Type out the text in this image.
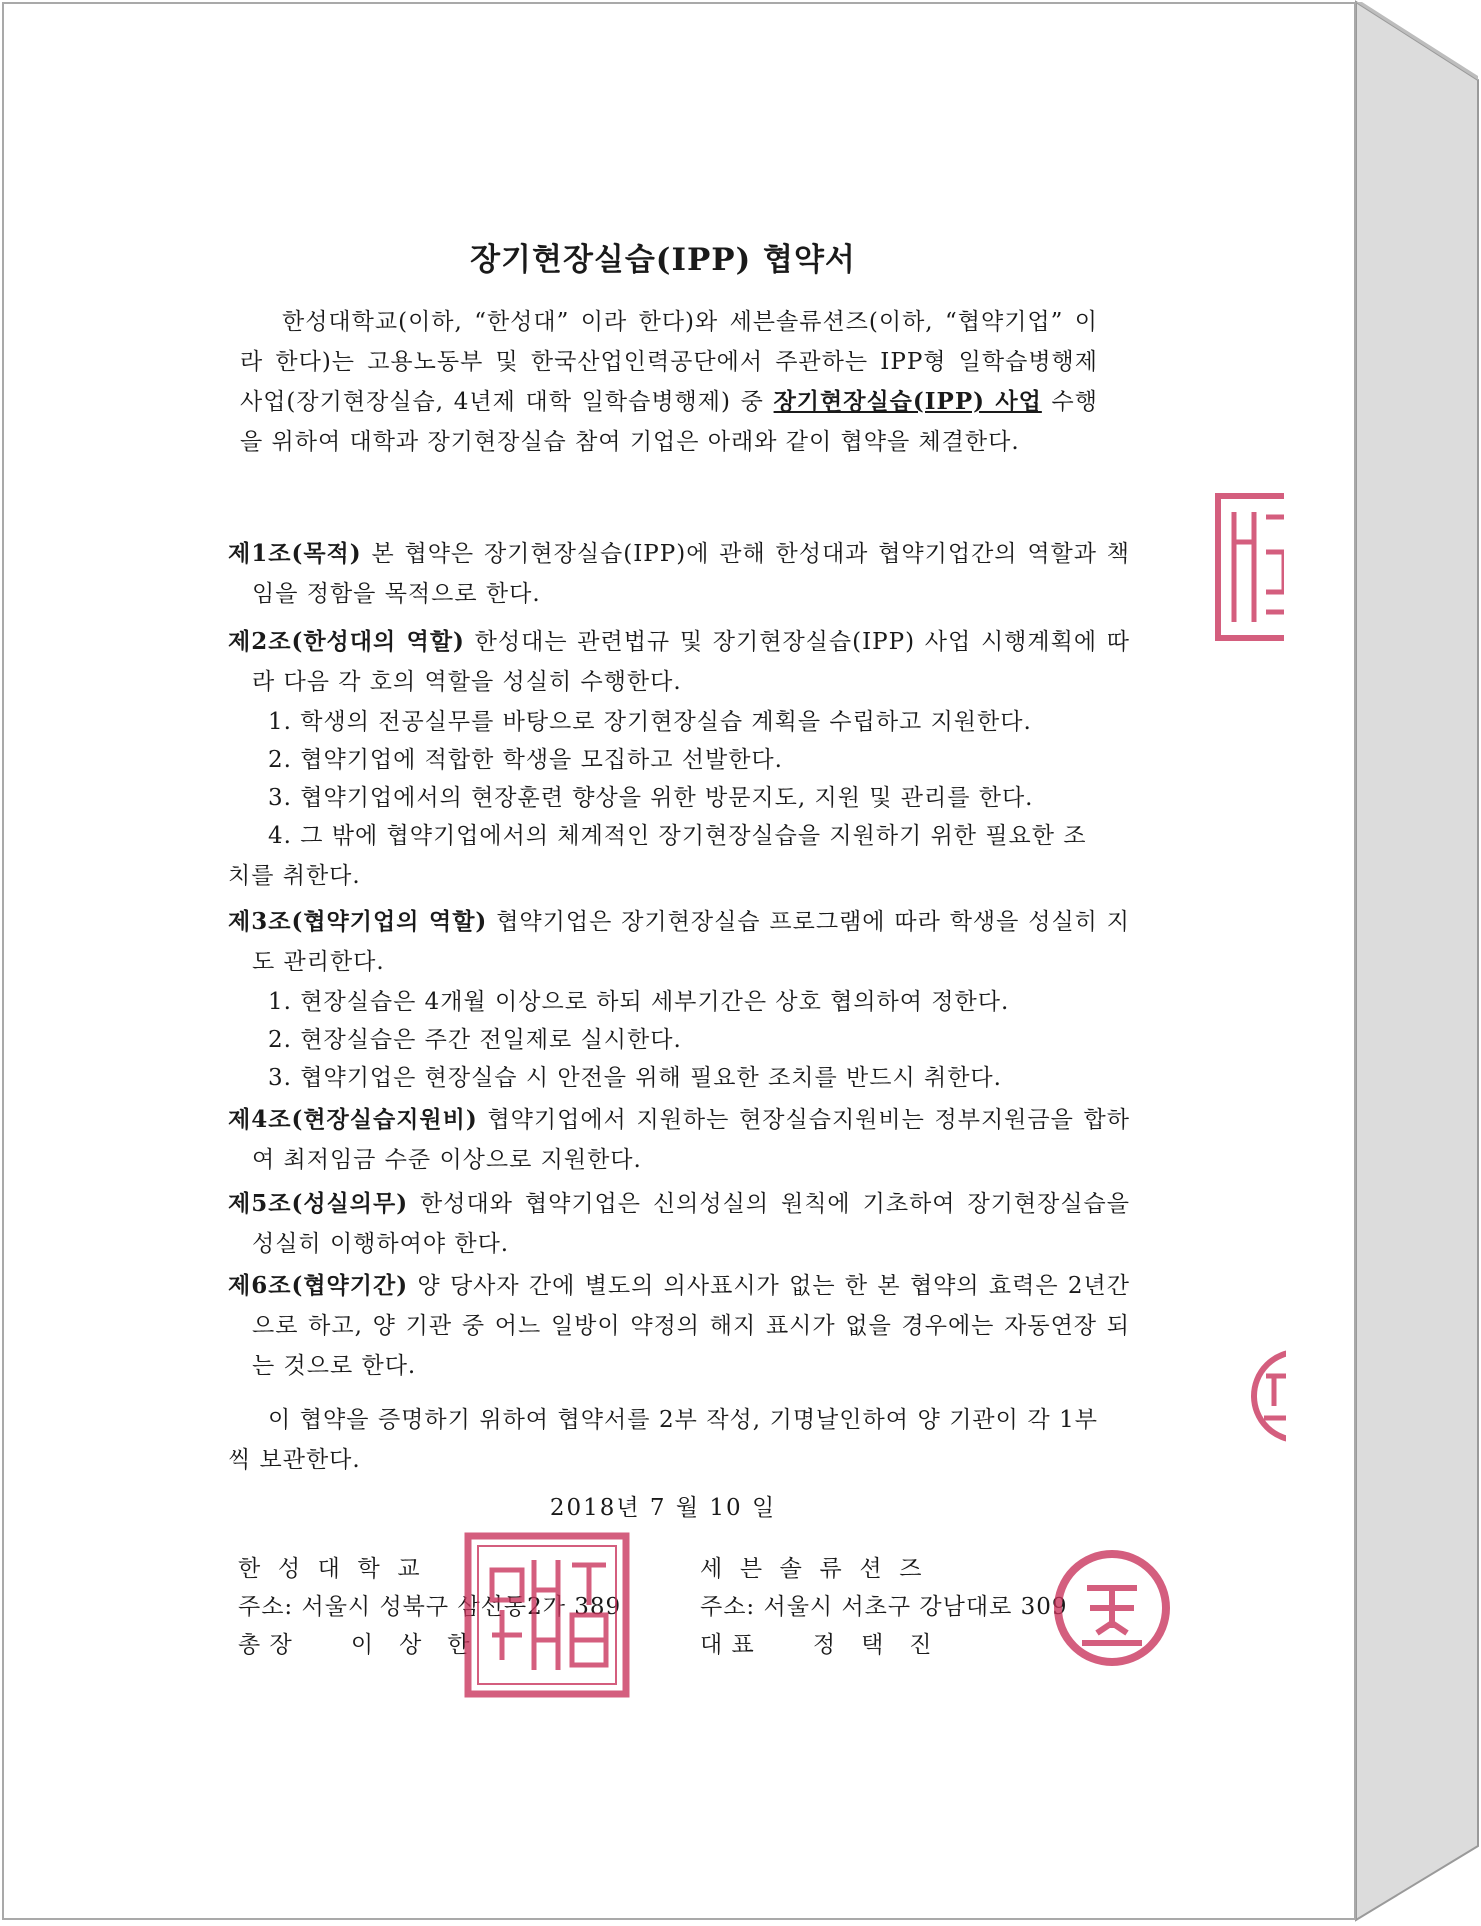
장기현장실습(IPP) 협약서
한성대학교(이하, “한성대” 이라 한다)와 세븐솔류션즈(이하, “협약기업” 이라 한다)는 고용노동부 및 한국산업인력공단에서 주관하는 IPP형 일학습병행제 사업(장기현장실습, 4년제 대학 일학습병행제) 중 장기현장실습(IPP) 사업 수행을 위하여 대학과 장기현장실습 참여 기업은 아래와 같이 협약을 체결한다.
제1조(목적) 본 협약은 장기현장실습(IPP)에 관해 한성대과 협약기업간의 역할과 책임을 정함을 목적으로 한다.
제2조(한성대의 역할) 한성대는 관련법규 및 장기현장실습(IPP) 사업 시행계획에 따라 다음 각 호의 역할을 성실히 수행한다.
1. 학생의 전공실무를 바탕으로 장기현장실습 계획을 수립하고 지원한다.
2. 협약기업에 적합한 학생을 모집하고 선발한다.
3. 협약기업에서의 현장훈련 향상을 위한 방문지도, 지원 및 관리를 한다.
4. 그 밖에 협약기업에서의 체계적인 장기현장실습을 지원하기 위한 필요한 조치를 취한다.
제3조(협약기업의 역할) 협약기업은 장기현장실습 프로그램에 따라 학생을 성실히 지도 관리한다.
1. 현장실습은 4개월 이상으로 하되 세부기간은 상호 협의하여 정한다.
2. 현장실습은 주간 전일제로 실시한다.
3. 협약기업은 현장실습 시 안전을 위해 필요한 조치를 반드시 취한다.
제4조(현장실습지원비) 협약기업에서 지원하는 현장실습지원비는 정부지원금을 합하여 최저임금 수준 이상으로 지원한다.
제5조(성실의무) 한성대와 협약기업은 신의성실의 원칙에 기초하여 장기현장실습을 성실히 이행하여야 한다.
제6조(협약기간) 양 당사자 간에 별도의 의사표시가 없는 한 본 협약의 효력은 2년간으로 하고, 양 기관 중 어느 일방이 약정의 해지 표시가 없을 경우에는 자동연장 되는 것으로 한다.
이 협약을 증명하기 위하여 협약서를 2부 작성, 기명날인하여 양 기관이 각 1부씩 보관한다.
2018년 7 월 10 일
한  성  대  학  교
주소: 서울시 성북구 삼선동2가 389
총 장       이   상   한
세  븐  솔  류  션  즈
주소: 서울시 서초구 강남대로 309
대 표       정   택   진
